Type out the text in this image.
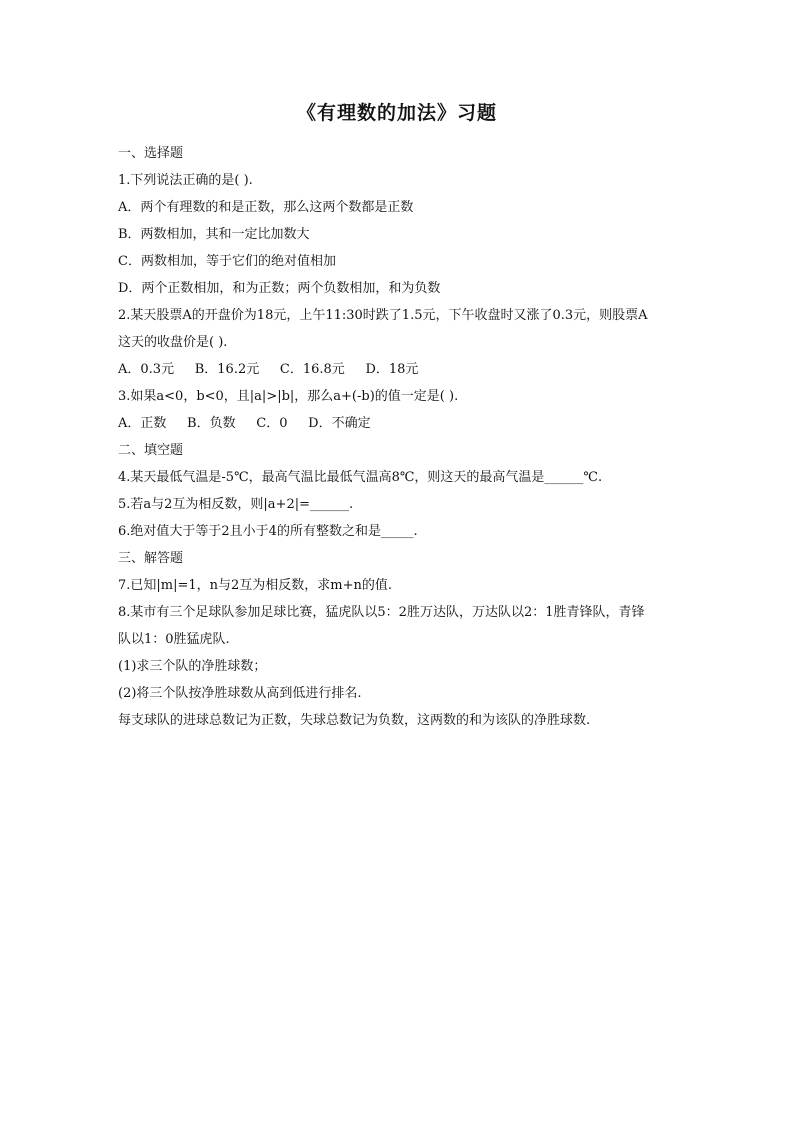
《有理数的加法》习题
一、选择题
1.下列说法正确的是( ).
A．两个有理数的和是正数，那么这两个数都是正数
B．两数相加，其和一定比加数大
C．两数相加，等于它们的绝对值相加
D．两个正数相加，和为正数；两个负数相加，和为负数
2.某天股票A的开盘价为18元，上午11:30时跌了1.5元，下午收盘时又涨了0.3元，则股票A
这天的收盘价是( ).
A．0.3元     B．16.2元     C．16.8元     D．18元
3.如果a<0，b<0，且|a|>|b|，那么a+(-b)的值一定是( ).
A．正数     B．负数     C．0     D．不确定
二、填空题
4.某天最低气温是-5℃，最高气温比最低气温高8℃，则这天的最高气温是______℃.
5.若a与2互为相反数，则|a+2|=______.
6.绝对值大于等于2且小于4的所有整数之和是_____.
三、解答题
7.已知|m|=1，n与2互为相反数，求m+n的值.
8.某市有三个足球队参加足球比赛，猛虎队以5：2胜万达队，万达队以2：1胜青锋队，青锋
队以1：0胜猛虎队.
(1)求三个队的净胜球数；
(2)将三个队按净胜球数从高到低进行排名.
每支球队的进球总数记为正数，失球总数记为负数，这两数的和为该队的净胜球数.
